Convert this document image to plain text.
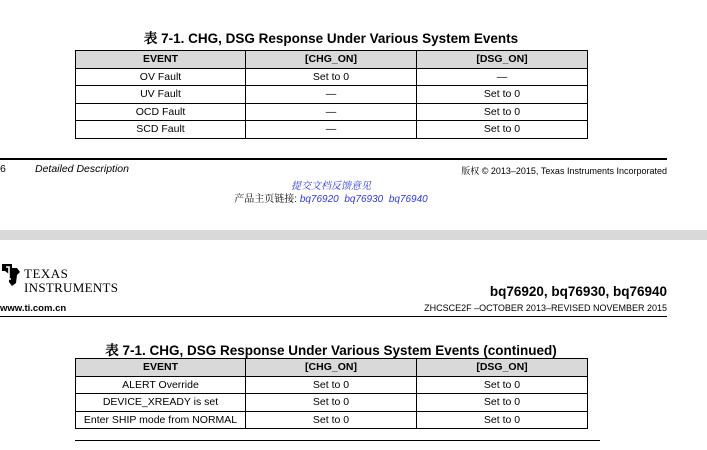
表 7-1. CHG, DSG Response Under Various System Events
EVENT	[CHG_ON]	[DSG_ON]
OV Fault	Set to 0	—
UV Fault	—	Set to 0
OCD Fault	—	Set to 0
SCD Fault	—	Set to 0
6	Detailed Description	版权 © 2013–2015, Texas Instruments Incorporated
提交文档反馈意见
产品主页链接: bq76920 bq76930 bq76940
TEXAS
INSTRUMENTS	bq76920, bq76930, bq76940
www.ti.com.cn	ZHCSCE2F –OCTOBER 2013–REVISED NOVEMBER 2015
表 7-1. CHG, DSG Response Under Various System Events (continued)
EVENT	[CHG_ON]	[DSG_ON]
ALERT Override	Set to 0	Set to 0
DEVICE_XREADY is set	Set to 0	Set to 0
Enter SHIP mode from NORMAL	Set to 0	Set to 0
